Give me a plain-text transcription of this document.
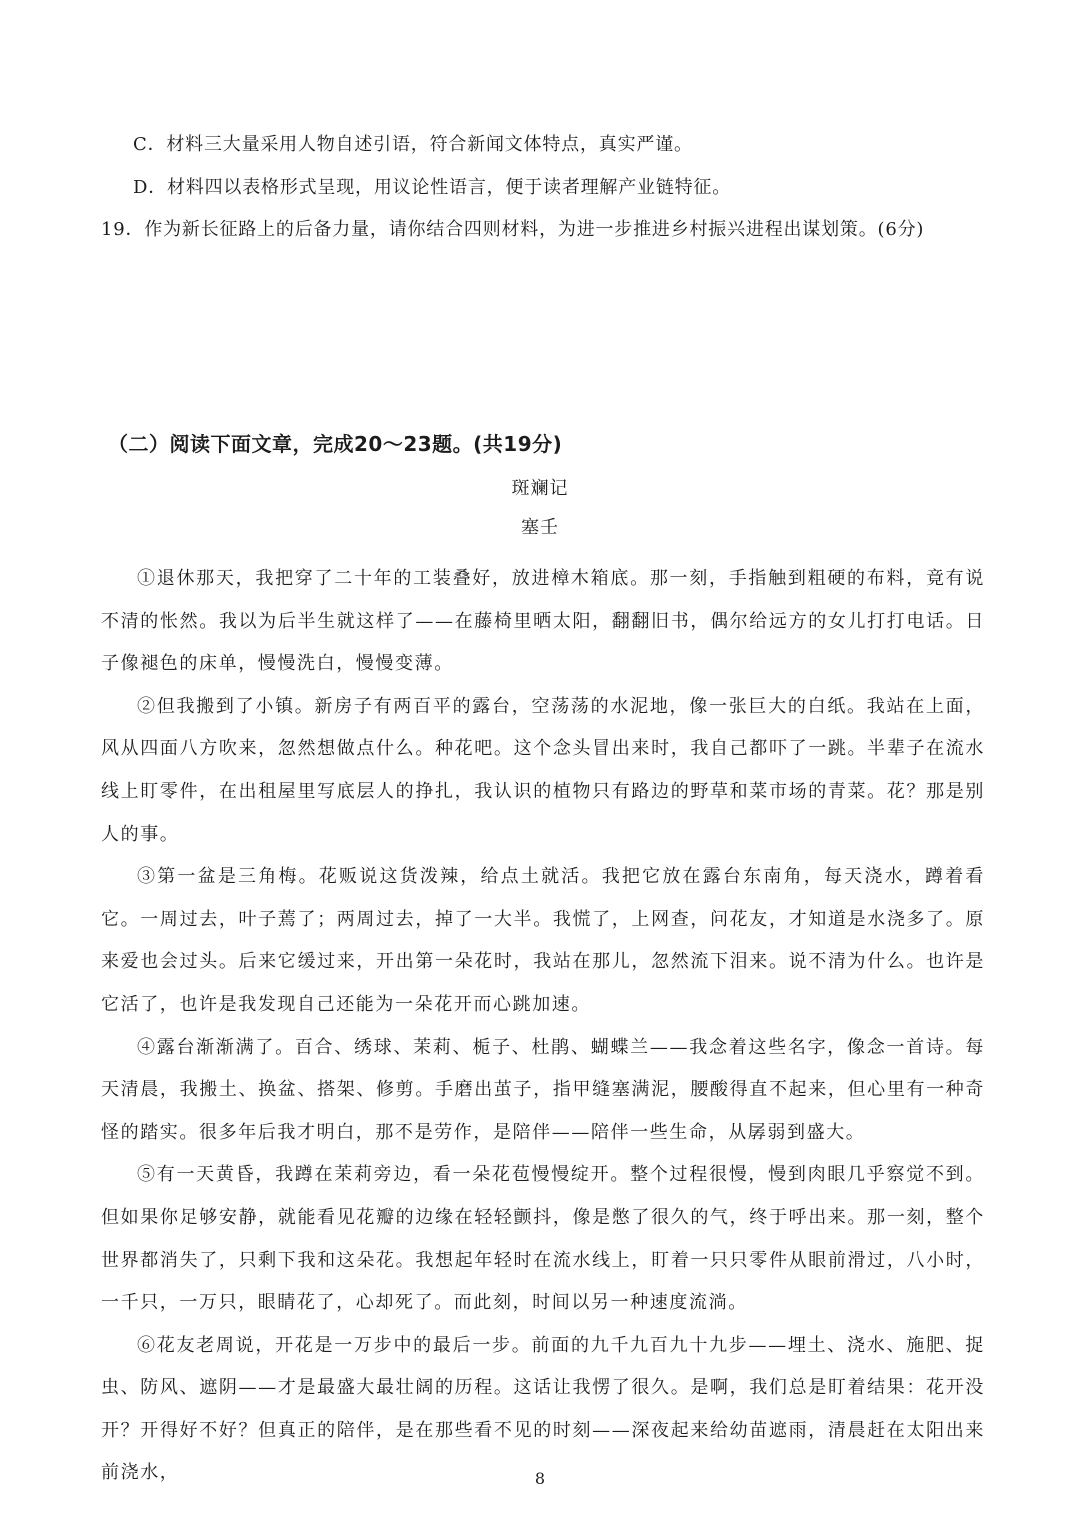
C．材料三大量采用人物自述引语，符合新闻文体特点，真实严谨。
D．材料四以表格形式呈现，用议论性语言，便于读者理解产业链特征。
19．作为新长征路上的后备力量，请你结合四则材料，为进一步推进乡村振兴进程出谋划策。(6分)
（二）阅读下面文章，完成20～23题。(共19分)
斑斓记
塞壬

①退休那天，我把穿了二十年的工装叠好，放进樟木箱底。那一刻，手指触到粗硬的布料，竟有说不清的怅然。我以为后半生就这样了——在藤椅里晒太阳，翻翻旧书，偶尔给远方的女儿打打电话。日子像褪色的床单，慢慢洗白，慢慢变薄。

②但我搬到了小镇。新房子有两百平的露台，空荡荡的水泥地，像一张巨大的白纸。我站在上面，风从四面八方吹来，忽然想做点什么。种花吧。这个念头冒出来时，我自己都吓了一跳。半辈子在流水线上盯零件，在出租屋里写底层人的挣扎，我认识的植物只有路边的野草和菜市场的青菜。花？那是别人的事。

③第一盆是三角梅。花贩说这货泼辣，给点土就活。我把它放在露台东南角，每天浇水，蹲着看它。一周过去，叶子蔫了；两周过去，掉了一大半。我慌了，上网查，问花友，才知道是水浇多了。原来爱也会过头。后来它缓过来，开出第一朵花时，我站在那儿，忽然流下泪来。说不清为什么。也许是它活了，也许是我发现自己还能为一朵花开而心跳加速。

④露台渐渐满了。百合、绣球、茉莉、栀子、杜鹃、蝴蝶兰——我念着这些名字，像念一首诗。每天清晨，我搬土、换盆、搭架、修剪。手磨出茧子，指甲缝塞满泥，腰酸得直不起来，但心里有一种奇怪的踏实。很多年后我才明白，那不是劳作，是陪伴——陪伴一些生命，从孱弱到盛大。

⑤有一天黄昏，我蹲在茉莉旁边，看一朵花苞慢慢绽开。整个过程很慢，慢到肉眼几乎察觉不到。但如果你足够安静，就能看见花瓣的边缘在轻轻颤抖，像是憋了很久的气，终于呼出来。那一刻，整个世界都消失了，只剩下我和这朵花。我想起年轻时在流水线上，盯着一只只零件从眼前滑过，八小时，一千只，一万只，眼睛花了，心却死了。而此刻，时间以另一种速度流淌。

⑥花友老周说，开花是一万步中的最后一步。前面的九千九百九十九步——埋土、浇水、施肥、捉虫、防风、遮阴——才是最盛大最壮阔的历程。这话让我愣了很久。是啊，我们总是盯着结果：花开没开？开得好不好？但真正的陪伴，是在那些看不见的时刻——深夜起来给幼苗遮雨，清晨赶在太阳出来前浇水，	8
